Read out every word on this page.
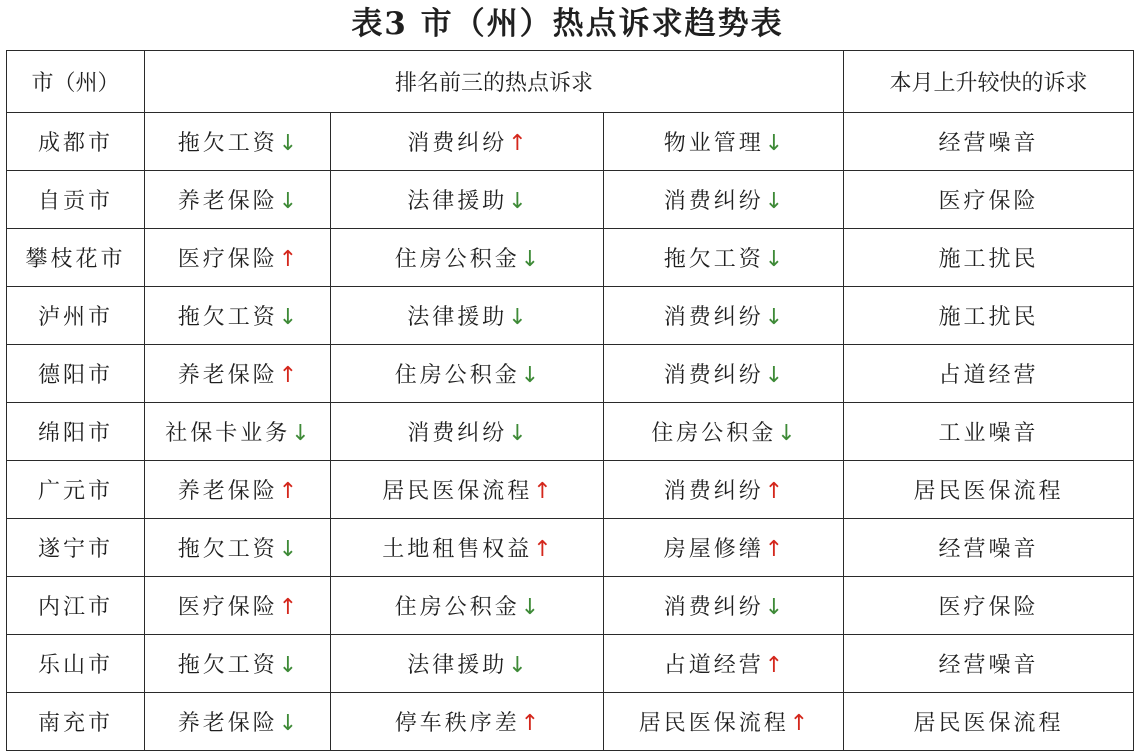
表3 市（州）热点诉求趋势表
市（州）	排名前三的热点诉求			本月上升较快的诉求
成都市	拖欠工资↓	消费纠纷↑	物业管理↓	经营噪音
自贡市	养老保险↓	法律援助↓	消费纠纷↓	医疗保险
攀枝花市	医疗保险↑	住房公积金↓	拖欠工资↓	施工扰民
泸州市	拖欠工资↓	法律援助↓	消费纠纷↓	施工扰民
德阳市	养老保险↑	住房公积金↓	消费纠纷↓	占道经营
绵阳市	社保卡业务↓	消费纠纷↓	住房公积金↓	工业噪音
广元市	养老保险↑	居民医保流程↑	消费纠纷↑	居民医保流程
遂宁市	拖欠工资↓	土地租售权益↑	房屋修缮↑	经营噪音
内江市	医疗保险↑	住房公积金↓	消费纠纷↓	医疗保险
乐山市	拖欠工资↓	法律援助↓	占道经营↑	经营噪音
南充市	养老保险↓	停车秩序差↑	居民医保流程↑	居民医保流程
